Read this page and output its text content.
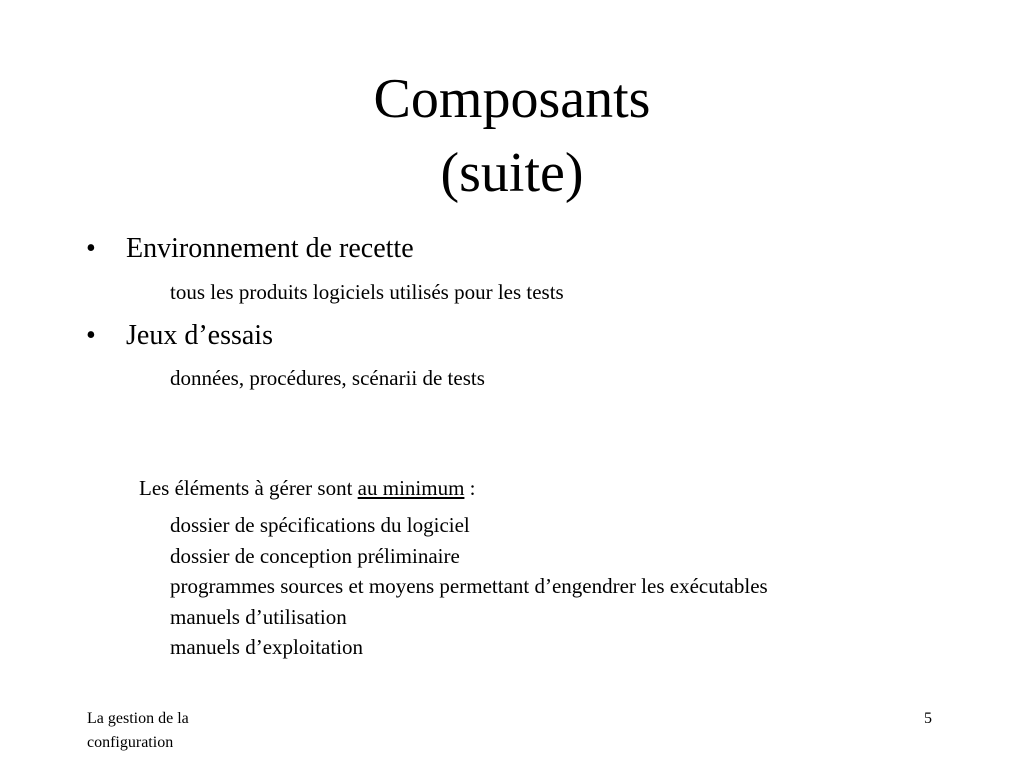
Composants
(suite)
• Environnement de recette
tous les produits logiciels utilisés pour les tests
• Jeux d’essais
données, procédures, scénarii de tests
Les éléments à gérer sont au minimum :
dossier de spécifications du logiciel
dossier de conception préliminaire
programmes sources et moyens permettant d’engendrer les exécutables
manuels d’utilisation
manuels d’exploitation
La gestion de la
configuration
5
